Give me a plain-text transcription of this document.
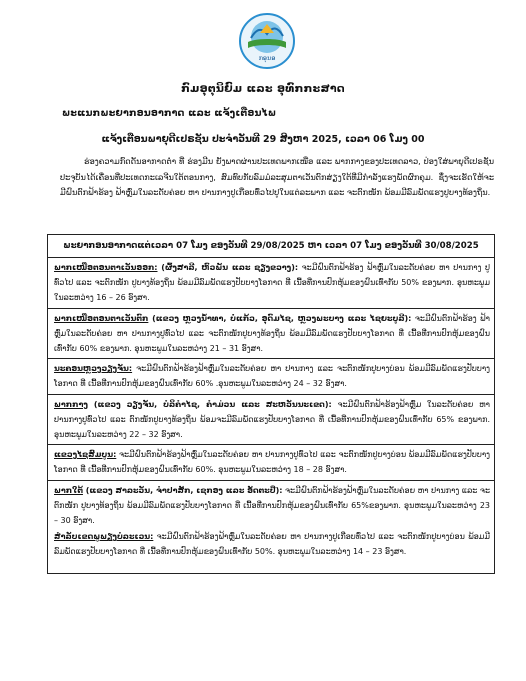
ກອຸນອ
ກົມອຸຕຸນິຍົມ ແລະ ອຸທົກກະສາດ
ພະແນກພະຍາກອນອາກາດ ແລະ ແຈ້ງເຕືອນໄພ
ແຈ້ງເຕືອນພາຍຸດີເປຣຊັນ ປະຈຳວັນທີ 29 ສິງຫາ 2025, ເວລາ 06 ໂມງ 00
ຮ່ອງຄວາມກົດດັນອາກາດຕ່ຳ ທີ່ ຮ່ອງມີນ ຍັງພາດຜ່ານປະເທດພາກເໜືອ ແລະ ພາກກາງຂອງປະເທດລາວ, ປ່ອງໃສ່ພາຍຸດີເປຣຊັນປະຈຸບັນໄດ້ເຄື່ອນທີ່ປະເທດກະເລຈີນໃຕ້ຕອນກາງ, ສົມທົບກັບລົມມໍລະສຸມຕາເວັນຕົກສ່ຽງໃຕ້ທີ່ມີກຳລັງແຮງພັດຜົກຄຸມ. ຊຶ່ງຈະເຮັດໃຫ້ຈະມີຝົນຕົກຟ້າຮ້ອງ ຟ້າຫຼົ່ມໃນລະດັບຄ່ອຍ ຫາ ປານກາງປູເກືອບທົ່ວໄປປູໃນແຕ່ລະພາກ ແລະ ຈະຕົກໜັກ ພ້ອມມີລົມພັດແຮງປູບາງທ້ອງຖິ່ນ.
ພະຍາກອນອາກາດແຕ່ເວລາ 07 ໂມງ ຂອງວັນທີ 29/08/2025 ຫາ ເວລາ 07 ໂມງ ຂອງວັນທີ 30/08/2025
ພາກເໜືອຕອນຕາເວັນອອກ: (ຜົ້ງສາລີ, ຫົວພັນ ແລະ ຊຽງຂວາງ): ຈະມີຝົນຕົກຟ້າຮ້ອງ ຟ້າຫຼົ່ມໃນລະດັບຄ່ອຍ ຫາ ປານກາງ ປູທົ່ວໄປ ແລະ ຈະຕົກໜັກ ປູບາງທ້ອງຖິ່ນ ພ້ອມມີລົມພັດແຮງປັບບາງໂອກາດ ທີ່ ເນື້ອທີ່ການປົກຫຸ້ມຂອງຝົນເທົ່າກັບ 50% ຂອງພາກ. ອຸນຫະພູມໃນລະຫວ່າງ 16 – 26 ອົງສາ.
ພາກເໜືອຕອນຕາເວັນຕົກ (ແຂວງ ຫຼວງນ້ຳທາ, ບໍ່ແກ້ວ, ອຸດົມໄຊ, ຫຼວງພະບາງ ແລະ ໄຊຍະບູລີ): ຈະມີຝົນຕົກຟ້າຮ້ອງ ຟ້າຫຼົ່ມໃນລະດັບຄ່ອຍ ຫາ ປານກາງປູທົ່ວໄປ ແລະ ຈະຕົກໜັກປູບາງທ້ອງຖິ່ນ ພ້ອມມີລົມພັດແຮງປັບບາງໂອກາດ ທີ່ ເນື້ອທີ່ການປົກຫຸ້ມຂອງຝົນເທົ່າກັບ 60% ຂອງພາກ. ອຸນຫະພູມໃນລະຫວ່າງ 21 – 31 ອົງສາ.
ນະຄອນຫຼວງວຽງຈັນ: ຈະມີຝົນຕົກຟ້າຮ້ອງຟ້າຫຼົ່ມໃນລະດັບຄ່ອຍ ຫາ ປານກາງ ແລະ ຈະຕົກໜັກປູບາງບ່ອນ ພ້ອມມີລົມພັດແຮງປັບບາງໂອກາດ ທີ່ ເນື້ອທີ່ການປົກຫຸ້ມຂອງຝົນເທົ່າກັບ 60% .ອຸນຫະພູມໃນລະຫວ່າງ 24 – 32 ອົງສາ.
ພາກກາງ (ແຂວງ ວຽງຈັນ, ບໍລິຄຳໄຊ, ຄຳມ່ວນ ແລະ ສະຫວັນນະເຂດ): ຈະມີຝົນຕົກຟ້າຮ້ອງຟ້າຫຼົ່ມ ໃນລະດັບຄ່ອຍ ຫາ ປານກາງປູທົ່ວໄປ ແລະ ຕົກໜັກປູບາງທ້ອງຖິ່ນ ພ້ອມຈະມີລົມພັດແຮງປັບບາງໂອກາດ ທີ່ ເນື້ອທີ່ການປົກຫຸ້ມຂອງຝົນເທົ່າກັບ 65% ຂອງພາກ. ອຸນຫະພູມໃນລະຫວ່າງ 22 – 32 ອົງສາ.
ແຂວງໄຊສົມບູນ: ຈະມີຝົນຕົກຟ້າຮ້ອງຟ້າຫຼົ່ມໃນລະດັບຄ່ອຍ ຫາ ປານກາງປູທົ່ວໄປ ແລະ ຈະຕົກໜັກປູບາງບ່ອນ ພ້ອມມີລົມພັດແຮງປັບບາງໂອກາດ ທີ່ ເນື້ອທີ່ການປົກຫຸ້ມຂອງຝົນເທົ່າກັບ 60%. ອຸນຫະພູມໃນລະຫວ່າງ 18 – 28 ອົງສາ.
ພາກໃຕ້ (ແຂວງ ສາລະວັນ, ຈຳປາສັກ, ເຊກອງ ແລະ ອັດຕະປື): ຈະມີຝົນຕົກຟ້າຮ້ອງຟ້າຫຼົ່ມໃນລະດັບຄ່ອຍ ຫາ ປານກາງ ແລະ ຈະຕົກໜັກ ປູບາງທ້ອງຖິ່ນ ພ້ອມມີລົມພັດແຮງປັບບາງໂອກາດ ທີ່ ເນື້ອທີ່ການປົກຫຸ້ມຂອງຝົນເທົ່າກັບ 65%ຂອງພາກ. ອຸນຫະພູມໃນລະຫວ່າງ 23 – 30 ອົງສາ.
ສຳລັບເຂດພູພຽງບໍລະເວນ: ຈະມີຝົນຕົກຟ້າຮ້ອງຟ້າຫຼົ່ມໃນລະດັບຄ່ອຍ ຫາ ປານກາງປູເກືອບທົ່ວໄປ ແລະ ຈະຕົກໜັກປູບາງບ່ອນ ພ້ອມມີລົມພັດແຮງປັບບາງໂອກາດ ທີ່ ເນື້ອທີ່ການປົກຫຸ້ມຂອງຝົນເທົ່າກັບ 50%. ອຸນຫະພູມໃນລະຫວ່າງ 14 – 23 ອົງສາ.
